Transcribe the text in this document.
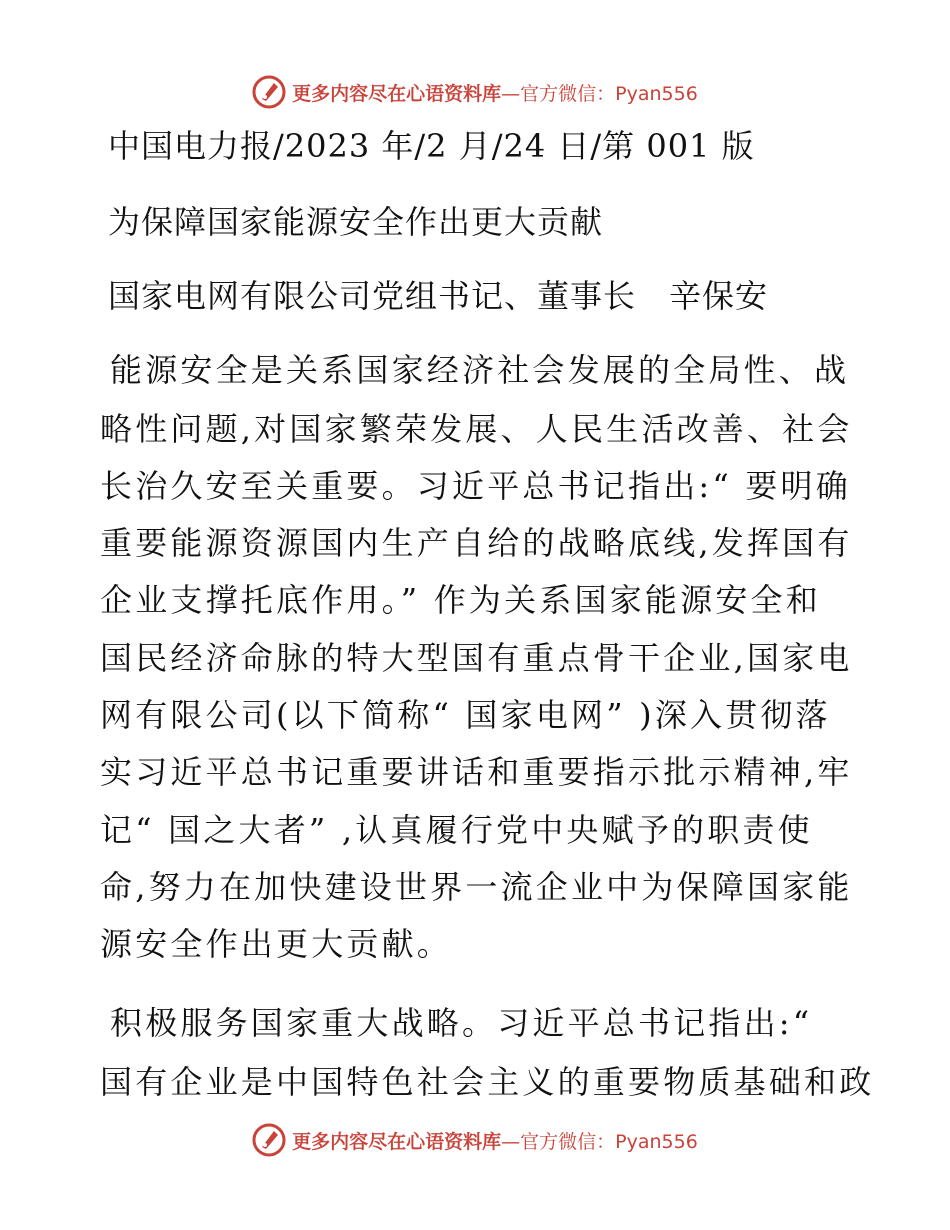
更多内容尽在心语资料库 —官方微信：Pyan556
中国电力报/2023 年/2 月/24 日/第 001 版
为保障国家能源安全作出更大贡献
国家电网有限公司党组书记、董事长　辛保安
能源安全是关系国家经济社会发展的全局性、战
略性问题,对国家繁荣发展、人民生活改善、社会
长治久安至关重要。习近平总书记指出:“ 要明确
重要能源资源国内生产自给的战略底线,发挥国有
企业支撑托底作用。” 作为关系国家能源安全和
国民经济命脉的特大型国有重点骨干企业,国家电
网有限公司(以下简称“ 国家电网” )深入贯彻落
实习近平总书记重要讲话和重要指示批示精神,牢
记“ 国之大者” ,认真履行党中央赋予的职责使
命,努力在加快建设世界一流企业中为保障国家能
源安全作出更大贡献。
积极服务国家重大战略。习近平总书记指出:“
国有企业是中国特色社会主义的重要物质基础和政
更多内容尽在心语资料库 —官方微信：Pyan556
